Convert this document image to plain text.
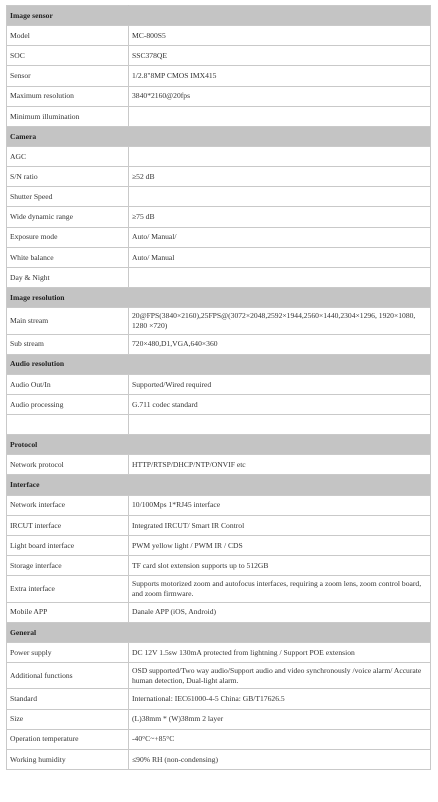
Image sensor	
Model	MC-800S5
SOC	SSC378QE
Sensor	1/2.8"8MP CMOS IMX415
Maximum resolution	3840*2160@20fps
Minimum illumination	
Camera	
AGC	
S/N ratio	≥52 dB
Shutter Speed	
Wide dynamic range	≥75 dB
Exposure mode	Auto/ Manual/
White balance	Auto/ Manual
Day & Night	
Image resolution	
Main stream	20@FPS(3840×2160),25FPS@(3072×2048,2592×1944,2560×1440,2304×1296, 1920×1080, 1280 ×720)
Sub stream	720×480,D1,VGA,640×360
Audio resolution	
Audio Out/In	Supported/Wired required
Audio processing	G.711 codec standard

Protocol	
Network protocol	HTTP/RTSP/DHCP/NTP/ONVIF etc
Interface	
Network interface	10/100Mps 1*RJ45 interface
IRCUT interface	Integrated IRCUT/ Smart IR Control
Light board interface	PWM yellow light / PWM IR / CDS
Storage interface	TF card slot extension supports up to 512GB
Extra interface	Supports motorized zoom and autofocus interfaces, requiring a zoom lens, zoom control board, and zoom firmware.
Mobile APP	Danale APP (iOS, Android)
General	
Power supply	DC 12V 1.5sw 130mA protected from lightning / Support POE extension
Additional functions	OSD supported/Two way audio/Support audio and video synchronously /voice alarm/ Accurate human detection, Dual-light alarm.
Standard	International: IEC61000-4-5 China: GB/T17626.5
Size	(L)38mm * (W)38mm 2 layer
Operation temperature	-40°C~+85°C
Working humidity	≤90% RH (non-condensing)
